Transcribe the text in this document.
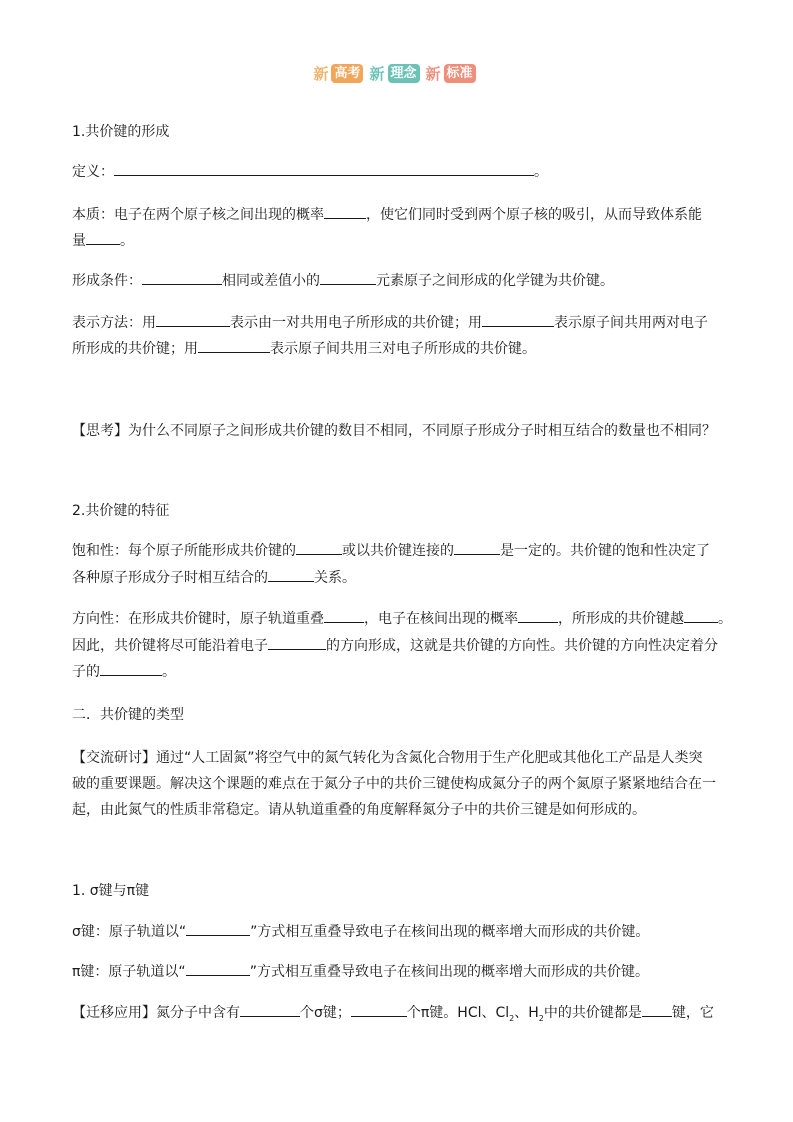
新 高考 新 理念 新 标准
1.共价键的形成
定义：	。
本质：电子在两个原子核之间出现的概率	，使它们同时受到两个原子核的吸引，从而导致体系能
量 。
形成条件：	相同或差值小的	元素原子之间形成的化学键为共价键。
表示方法：用	表示由一对共用电子所形成的共价键；用	表示原子间共用两对电子
所形成的共价键；用	表示原子间共用三对电子所形成的共价键。
【思考】为什么不同原子之间形成共价键的数目不相同，不同原子形成分子时相互结合的数量也不相同？
2.共价键的特征
饱和性：每个原子所能形成共价键的	或以共价键连接的	是一定的。共价键的饱和性决定了
各种原子形成分子时相互结合的	关系。
方向性：在形成共价键时，原子轨道重叠	，电子在核间出现的概率	，所形成的共价键越 。
因此，共价键将尽可能沿着电子	的方向形成，这就是共价键的方向性。共价键的方向性决定着分
子的	。
二．共价键的类型
【交流研讨】通过“人工固氮”将空气中的氮气转化为含氮化合物用于生产化肥或其他化工产品是人类突
破的重要课题。解决这个课题的难点在于氮分子中的共价三键使构成氮分子的两个氮原子紧紧地结合在一
起，由此氮气的性质非常稳定。请从轨道重叠的角度解释氮分子中的共价三键是如何形成的。
1. σ键与π键
σ键：原子轨道以“	”方式相互重叠导致电子在核间出现的概率增大而形成的共价键。
π键：原子轨道以“	”方式相互重叠导致电子在核间出现的概率增大而形成的共价键。
【迁移应用】氮分子中含有	个σ键；	个π键。HCl、$Cl_2$、$H_2$中的共价键都是 键，它
